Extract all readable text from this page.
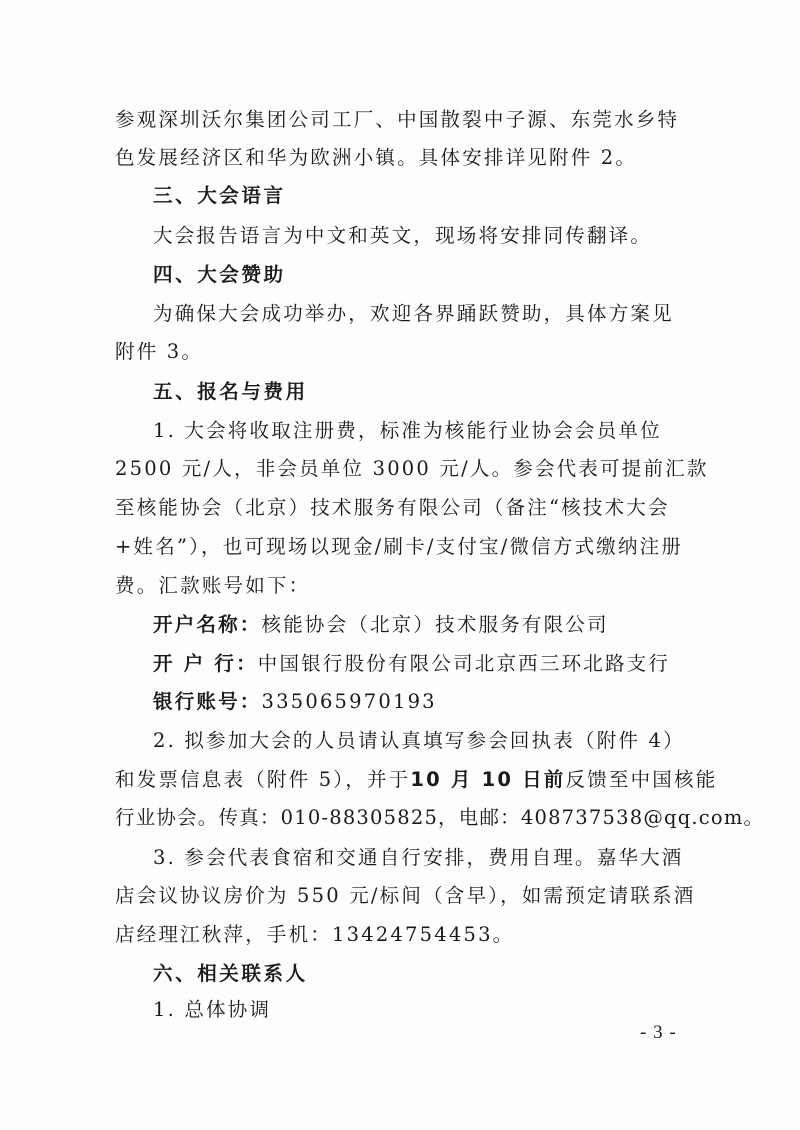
参观深圳沃尔集团公司工厂、中国散裂中子源、东莞水乡特
色发展经济区和华为欧洲小镇。具体安排详见附件 2。
三、大会语言
大会报告语言为中文和英文，现场将安排同传翻译。
四、大会赞助
为确保大会成功举办，欢迎各界踊跃赞助，具体方案见
附件 3。
五、报名与费用
1. 大会将收取注册费，标准为核能行业协会会员单位
2500 元/人，非会员单位 3000 元/人。参会代表可提前汇款
至核能协会（北京）技术服务有限公司（备注“核技术大会
+姓名”），也可现场以现金/刷卡/支付宝/微信方式缴纳注册
费。汇款账号如下：
开户名称：核能协会（北京）技术服务有限公司
开 户 行：中国银行股份有限公司北京西三环北路支行
银行账号：335065970193
2. 拟参加大会的人员请认真填写参会回执表（附件 4）
和发票信息表（附件 5），并于10 月 10 日前反馈至中国核能
行业协会。传真：010-88305825，电邮：408737538@qq.com。
3. 参会代表食宿和交通自行安排，费用自理。嘉华大酒
店会议协议房价为 550 元/标间（含早），如需预定请联系酒
店经理江秋萍，手机：13424754453。
六、相关联系人
1. 总体协调
- 3 -
